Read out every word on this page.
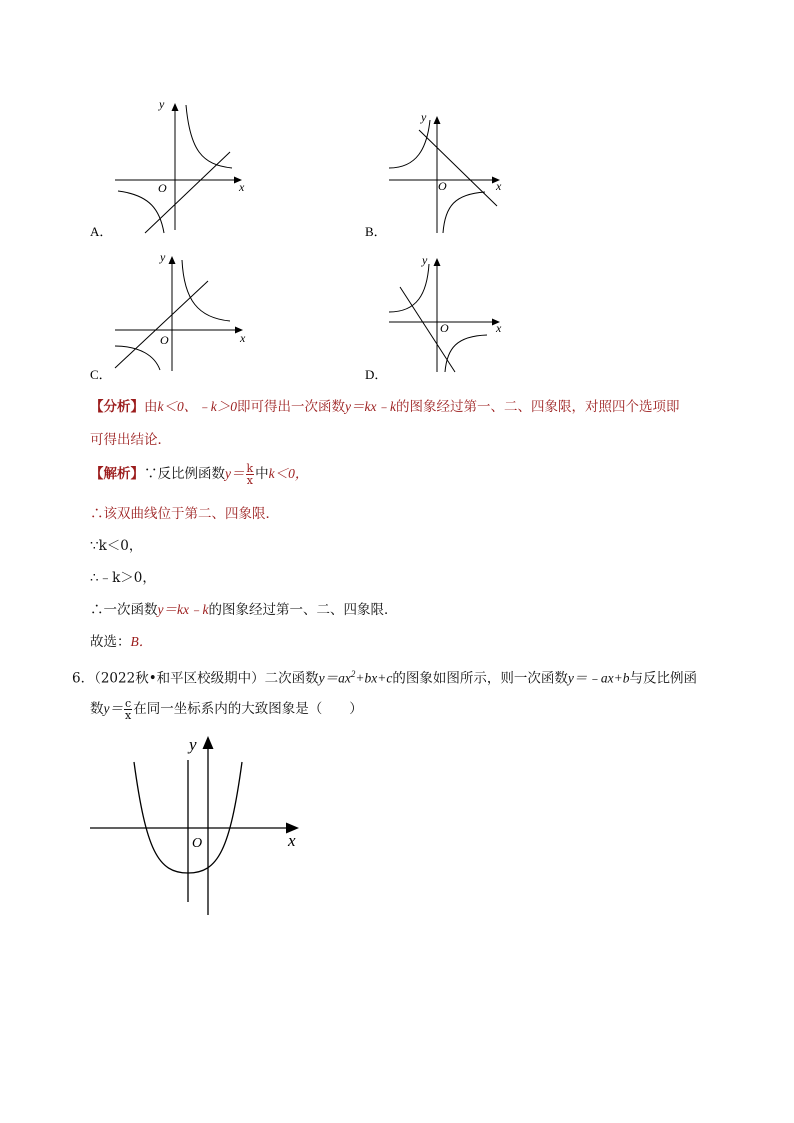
y
x
O
A．
y
x
O
B．
y
x
O
C．
y
x
O
D．
【分析】由k＜0、﹣k＞0即可得出一次函数y＝kx﹣k的图象经过第一、二、四象限，对照四个选项即
可得出结论．
【解析】∵反比例函数$y= \frac{k}{x}$ 中k＜0，
∴该双曲线位于第二、四象限．
∵k＜0，
∴﹣k＞0，
∴一次函数y＝kx﹣k的图象经过第一、二、四象限．
故选：B．
6．（2022秋•和平区校级期中）二次函数$y=ax^2+bx+c$的图象如图所示，则一次函数y＝﹣ax+b与反比例函
数$y= \frac{c}{x}$ 在同一坐标系内的大致图象是（　　）
y
x
O
